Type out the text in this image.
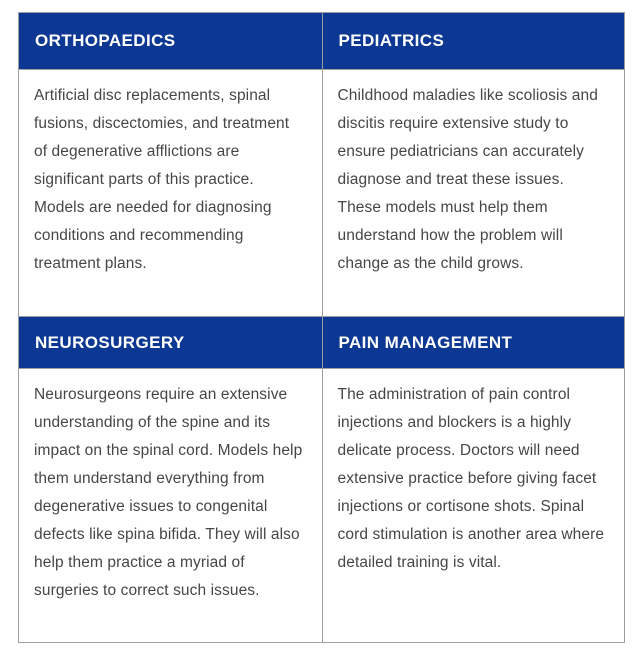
ORTHOPAEDICS	PEDIATRICS
Artificial disc replacements, spinal fusions, discectomies, and treatment of degenerative afflictions are significant parts of this practice. Models are needed for diagnosing conditions and recommending treatment plans.
Childhood maladies like scoliosis and discitis require extensive study to ensure pediatricians can accurately diagnose and treat these issues. These models must help them understand how the problem will change as the child grows.
NEUROSURGERY	PAIN MANAGEMENT
Neurosurgeons require an extensive understanding of the spine and its impact on the spinal cord. Models help them understand everything from degenerative issues to congenital defects like spina bifida. They will also help them practice a myriad of surgeries to correct such issues.
The administration of pain control injections and blockers is a highly delicate process. Doctors will need extensive practice before giving facet injections or cortisone shots. Spinal cord stimulation is another area where detailed training is vital.
